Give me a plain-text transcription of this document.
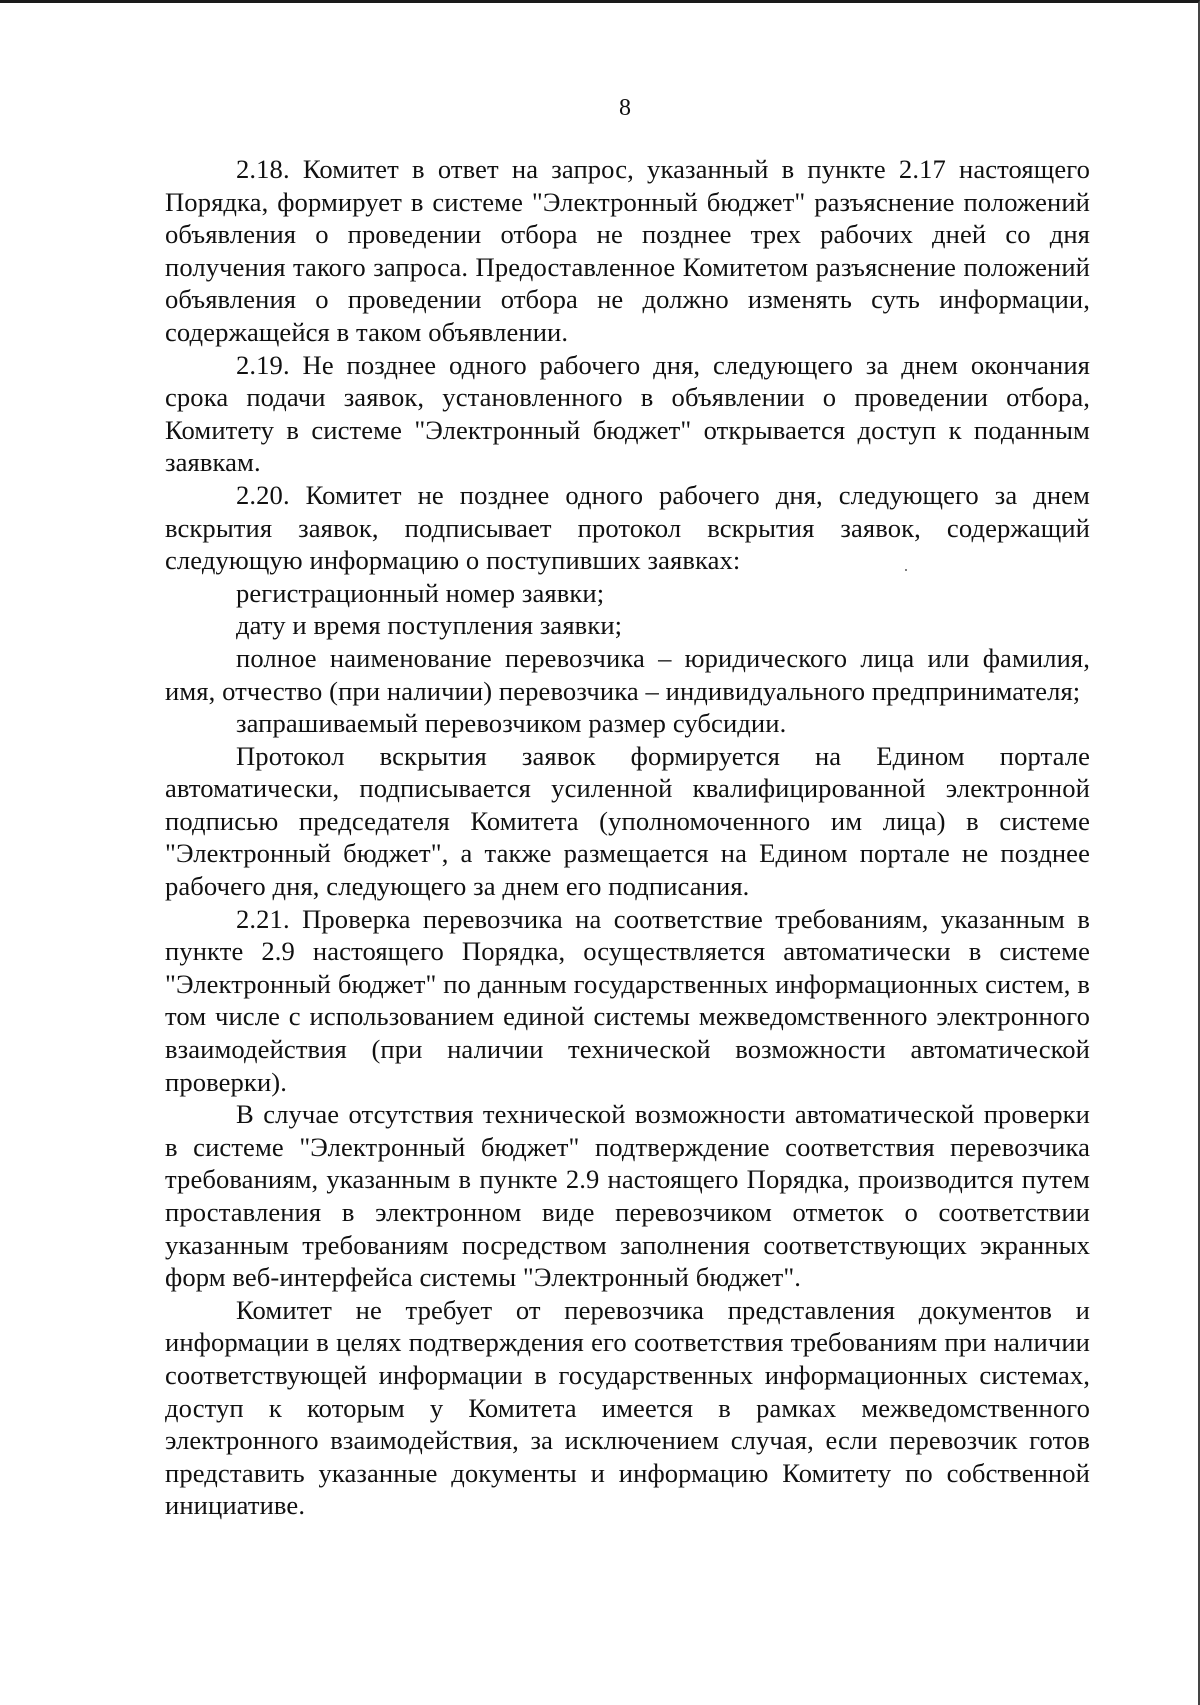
8

2.18. Комитет в ответ на запрос, указанный в пункте 2.17 настоящего Порядка, формирует в системе "Электронный бюджет" разъяснение положений объявления о проведении отбора не позднее трех рабочих дней со дня получения такого запроса. Предоставленное Комитетом разъяснение положений объявления о проведении отбора не должно изменять суть информации, содержащейся в таком объявлении.

2.19. Не позднее одного рабочего дня, следующего за днем окончания срока подачи заявок, установленного в объявлении о проведении отбора, Комитету в системе "Электронный бюджет" открывается доступ к поданным заявкам.

2.20. Комитет не позднее одного рабочего дня, следующего за днем вскрытия заявок, подписывает протокол вскрытия заявок, содержащий следующую информацию о поступивших заявках:

регистрационный номер заявки;

дату и время поступления заявки;

полное наименование перевозчика – юридического лица или фамилия, имя, отчество (при наличии) перевозчика – индивидуального предпринимателя;

запрашиваемый перевозчиком размер субсидии.

Протокол вскрытия заявок формируется на Едином портале автоматически, подписывается усиленной квалифицированной электронной подписью председателя Комитета (уполномоченного им лица) в системе "Электронный бюджет", а также размещается на Едином портале не позднее рабочего дня, следующего за днем его подписания.

2.21. Проверка перевозчика на соответствие требованиям, указанным в пункте 2.9 настоящего Порядка, осуществляется автоматически в системе "Электронный бюджет" по данным государственных информационных систем, в том числе с использованием единой системы межведомственного электронного взаимодействия (при наличии технической возможности автоматической проверки).

В случае отсутствия технической возможности автоматической проверки в системе "Электронный бюджет" подтверждение соответствия перевозчика требованиям, указанным в пункте 2.9 настоящего Порядка, производится путем проставления в электронном виде перевозчиком отметок о соответствии указанным требованиям посредством заполнения соответствующих экранных форм веб-интерфейса системы "Электронный бюджет".

Комитет не требует от перевозчика представления документов и информации в целях подтверждения его соответствия требованиям при наличии соответствующей информации в государственных информационных системах, доступ к которым у Комитета имеется в рамках межведомственного электронного взаимодействия, за исключением случая, если перевозчик готов представить указанные документы и информацию Комитету по собственной инициативе.
